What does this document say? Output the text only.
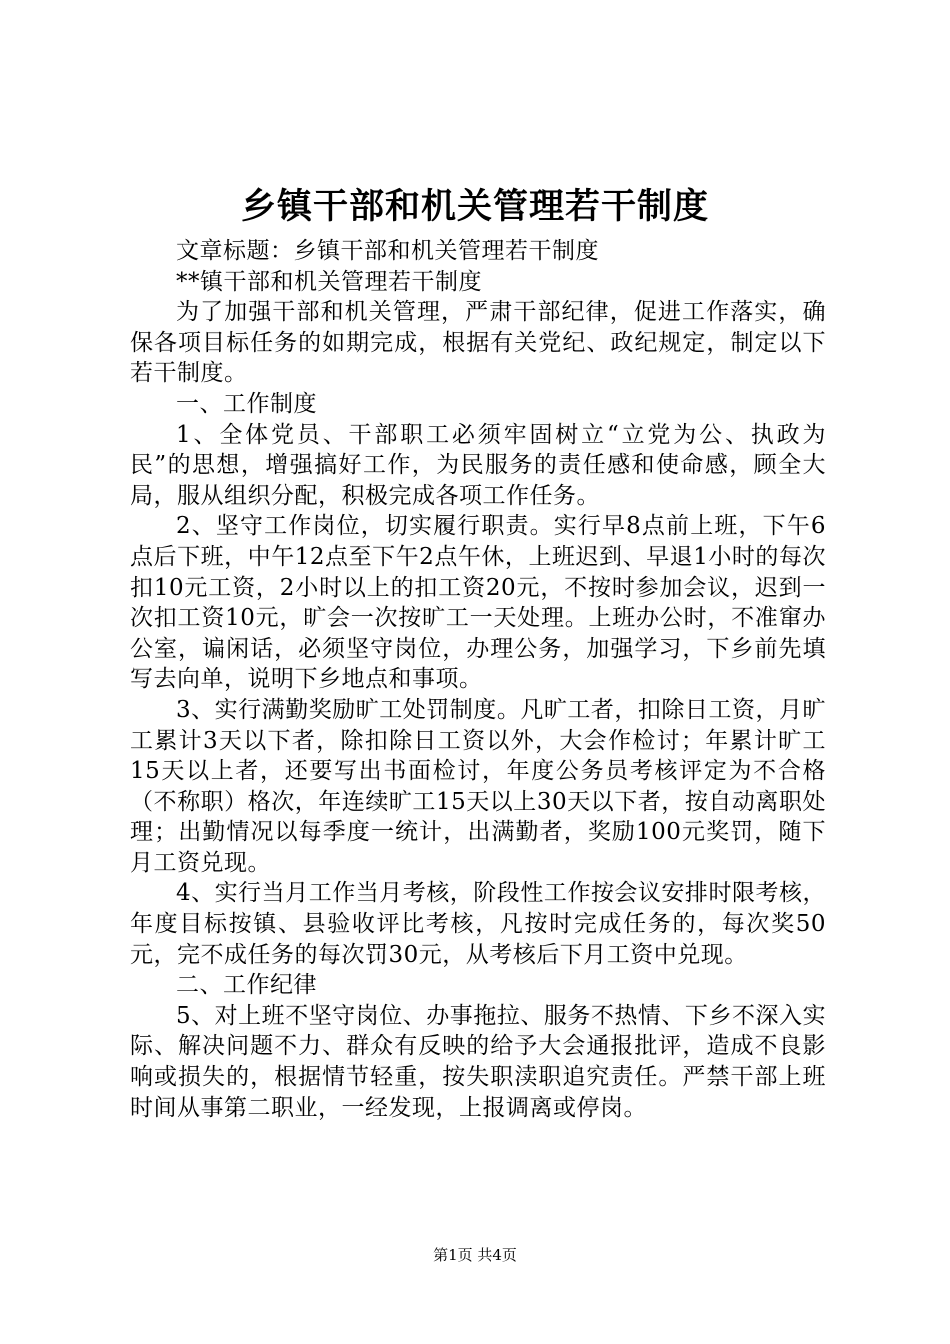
乡镇干部和机关管理若干制度

文章标题：乡镇干部和机关管理若干制度

**镇干部和机关管理若干制度

为了加强干部和机关管理，严肃干部纪律，促进工作落实，确保各项目标任务的如期完成，根据有关党纪、政纪规定，制定以下若干制度。

一、工作制度

1、全体党员、干部职工必须牢固树立“立党为公、执政为民”的思想，增强搞好工作，为民服务的责任感和使命感，顾全大局，服从组织分配，积极完成各项工作任务。

2、坚守工作岗位，切实履行职责。实行早8点前上班，下午6点后下班，中午12点至下午2点午休，上班迟到、早退1小时的每次扣10元工资，2小时以上的扣工资20元，不按时参加会议，迟到一次扣工资10元，旷会一次按旷工一天处理。上班办公时，不准窜办公室，谝闲话，必须坚守岗位，办理公务，加强学习，下乡前先填写去向单，说明下乡地点和事项。

3、实行满勤奖励旷工处罚制度。凡旷工者，扣除日工资，月旷工累计3天以下者，除扣除日工资以外，大会作检讨；年累计旷工15天以上者，还要写出书面检讨，年度公务员考核评定为不合格（不称职）格次，年连续旷工15天以上30天以下者，按自动离职处理；出勤情况以每季度一统计，出满勤者，奖励100元奖罚，随下月工资兑现。

4、实行当月工作当月考核，阶段性工作按会议安排时限考核，年度目标按镇、县验收评比考核，凡按时完成任务的，每次奖50元，完不成任务的每次罚30元，从考核后下月工资中兑现。

二、工作纪律

5、对上班不坚守岗位、办事拖拉、服务不热情、下乡不深入实际、解决问题不力、群众有反映的给予大会通报批评，造成不良影响或损失的，根据情节轻重，按失职渎职追究责任。严禁干部上班时间从事第二职业，一经发现，上报调离或停岗。

第1页 共4页
